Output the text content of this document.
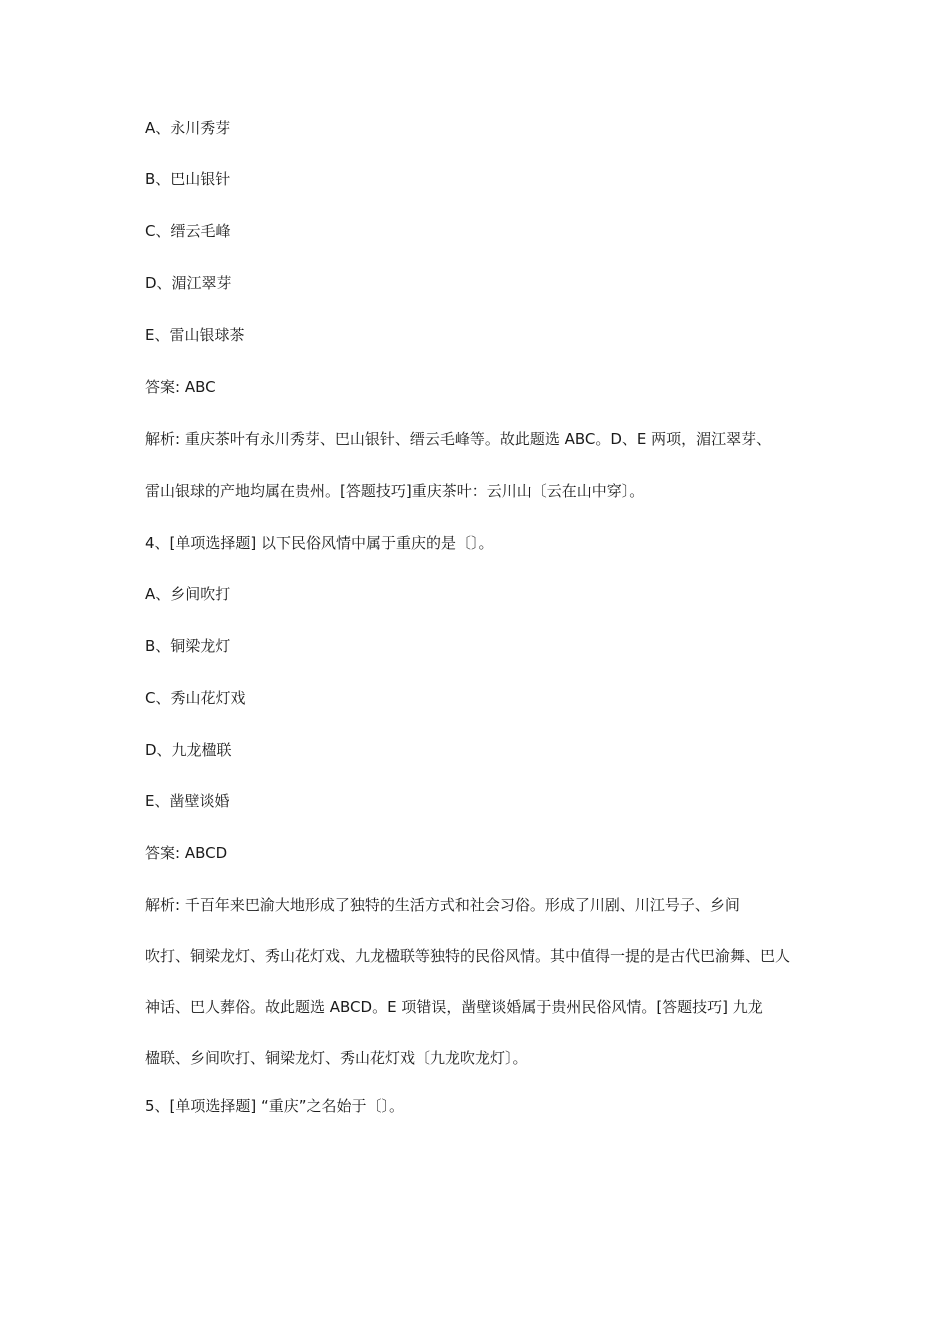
A、永川秀芽
B、巴山银针
C、缙云毛峰
D、湄江翠芽
E、雷山银球茶
答案: ABC
解析: 重庆茶叶有永川秀芽、巴山银针、缙云毛峰等。故此题选 ABC。D、E 两项，湄江翠芽、
雷山银球的产地均属在贵州。[答题技巧]重庆茶叶：云川山〔云在山中穿〕。
4、[单项选择题] 以下民俗风情中属于重庆的是〔〕。
A、乡间吹打
B、铜梁龙灯
C、秀山花灯戏
D、九龙楹联
E、凿壁谈婚
答案: ABCD
解析: 千百年来巴渝大地形成了独特的生活方式和社会习俗。形成了川剧、川江号子、乡间
吹打、铜梁龙灯、秀山花灯戏、九龙楹联等独特的民俗风情。其中值得一提的是古代巴渝舞、巴人
神话、巴人葬俗。故此题选 ABCD。E 项错误，凿壁谈婚属于贵州民俗风情。[答题技巧] 九龙
楹联、乡间吹打、铜梁龙灯、秀山花灯戏〔九龙吹龙灯〕。
5、[单项选择题] “重庆”之名始于〔〕。
